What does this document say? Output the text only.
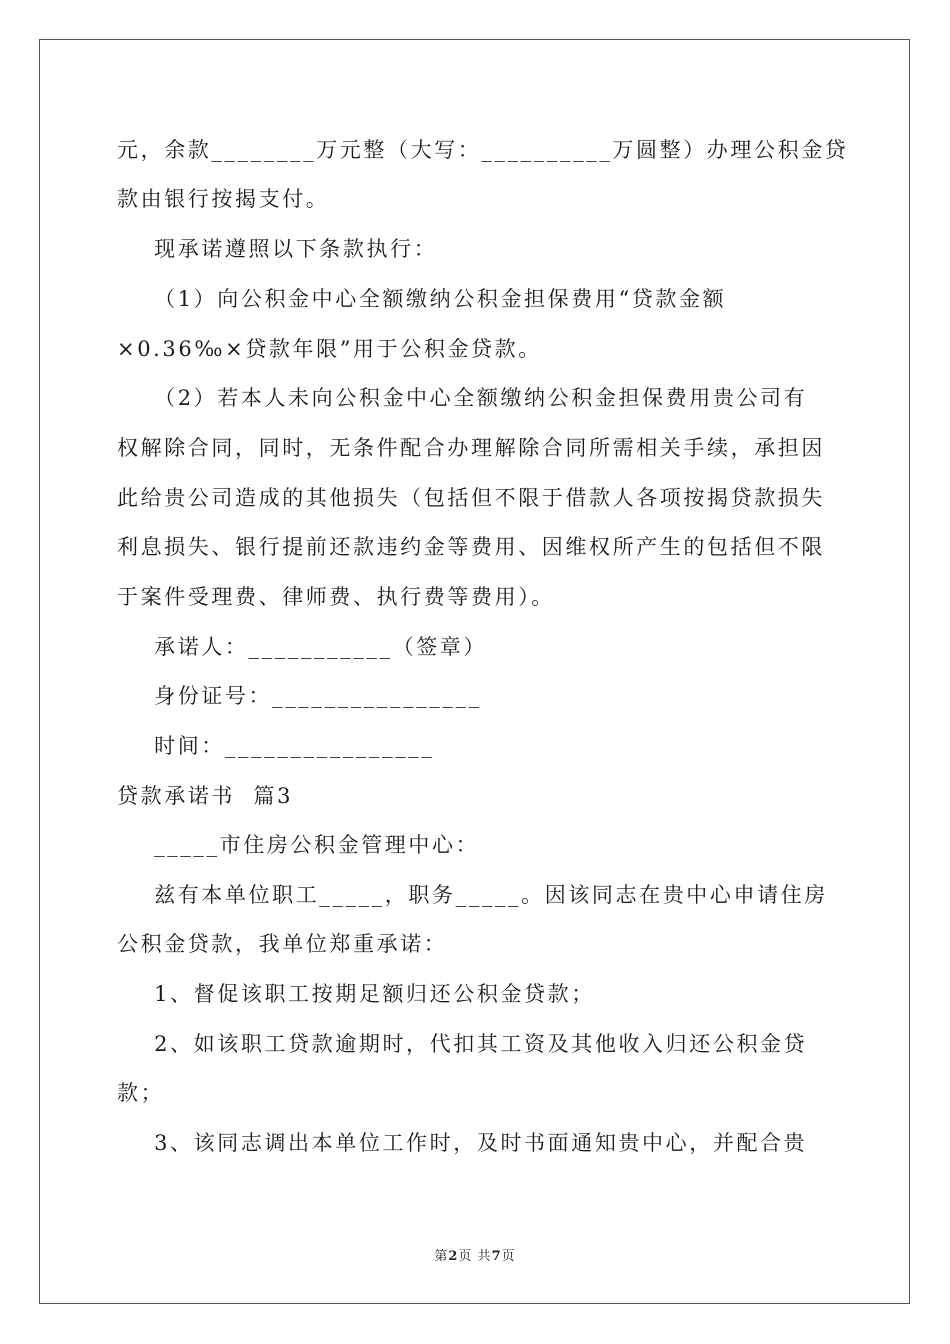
元，余款________万元整（大写：__________万圆整）办理公积金贷
款由银行按揭支付。
现承诺遵照以下条款执行：
（1）向公积金中心全额缴纳公积金担保费用“贷款金额
×0.36‰×贷款年限”用于公积金贷款。
（2）若本人未向公积金中心全额缴纳公积金担保费用贵公司有
权解除合同，同时，无条件配合办理解除合同所需相关手续，承担因
此给贵公司造成的其他损失（包括但不限于借款人各项按揭贷款损失
利息损失、银行提前还款违约金等费用、因维权所产生的包括但不限
于案件受理费、律师费、执行费等费用）。
承诺人：___________（签章）
身份证号：________________
时间：________________
贷款承诺书  篇3
_____市住房公积金管理中心：
兹有本单位职工_____，职务_____。因该同志在贵中心申请住房
公积金贷款，我单位郑重承诺：
1、督促该职工按期足额归还公积金贷款；
2、如该职工贷款逾期时，代扣其工资及其他收入归还公积金贷
款；
3、该同志调出本单位工作时，及时书面通知贵中心，并配合贵
第2页 共7页
